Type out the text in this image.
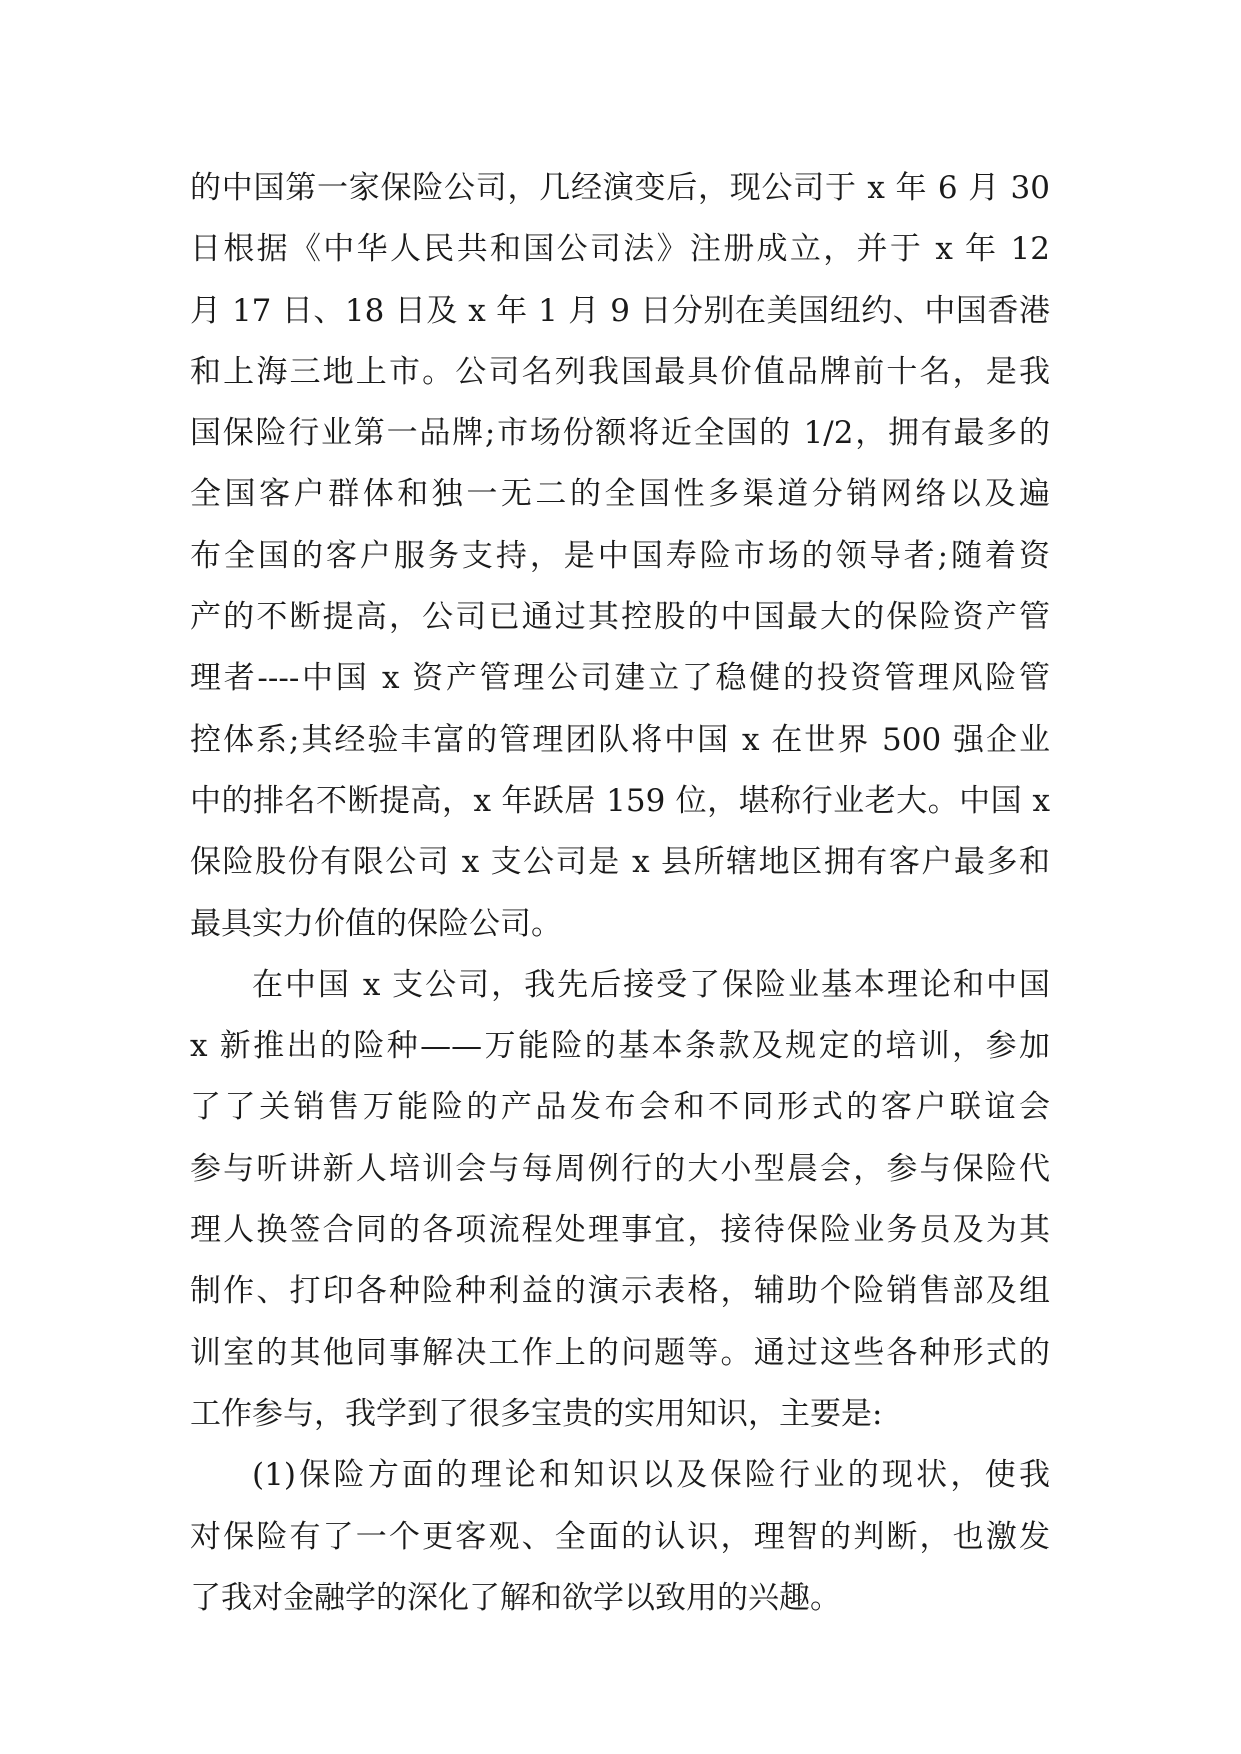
的中国第一家保险公司，几经演变后，现公司于 x 年 6 月 30
日根据《中华人民共和国公司法》注册成立，并于 x 年 12
月 17 日、18 日及 x 年 1 月 9 日分别在美国纽约、中国香港
和上海三地上市。公司名列我国最具价值品牌前十名，是我
国保险行业第一品牌;市场份额将近全国的 1/2，拥有最多的
全国客户群体和独一无二的全国性多渠道分销网络以及遍
布全国的客户服务支持，是中国寿险市场的领导者;随着资
产的不断提高，公司已通过其控股的中国最大的保险资产管
理者----中国 x 资产管理公司建立了稳健的投资管理风险管
控体系;其经验丰富的管理团队将中国 x 在世界 500 强企业
中的排名不断提高，x 年跃居 159 位，堪称行业老大。中国 x
保险股份有限公司 x 支公司是 x 县所辖地区拥有客户最多和
最具实力价值的保险公司。
在中国 x 支公司，我先后接受了保险业基本理论和中国
x 新推出的险种——万能险的基本条款及规定的培训，参加
了了关销售万能险的产品发布会和不同形式的客户联谊会
参与听讲新人培训会与每周例行的大小型晨会，参与保险代
理人换签合同的各项流程处理事宜，接待保险业务员及为其
制作、打印各种险种利益的演示表格，辅助个险销售部及组
训室的其他同事解决工作上的问题等。通过这些各种形式的
工作参与，我学到了很多宝贵的实用知识，主要是:
(1)保险方面的理论和知识以及保险行业的现状，使我
对保险有了一个更客观、全面的认识，理智的判断，也激发
了我对金融学的深化了解和欲学以致用的兴趣。
